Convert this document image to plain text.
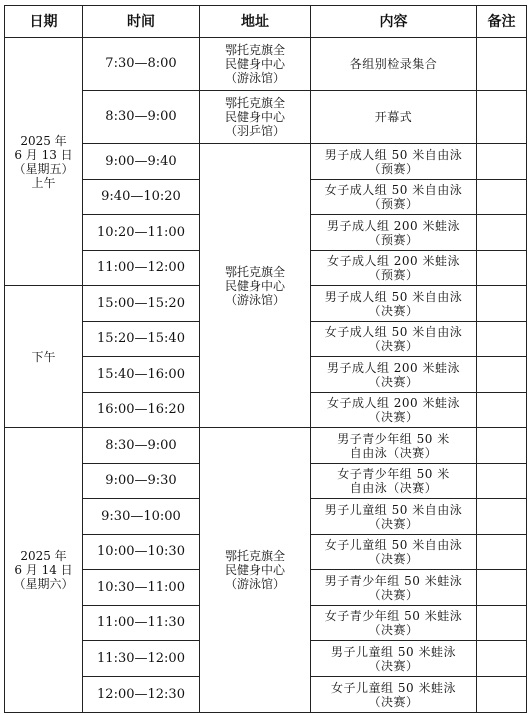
日期	时间	地址	内容	备注
2025 年
6 月 13 日
（星期五）
上午	7:30—8:00	鄂托克旗全
民健身中心
（游泳馆）	各组别检录集合	
	8:30—9:00	鄂托克旗全
民健身中心
（羽乒馆）	开幕式	
	9:00—9:40	鄂托克旗全
民健身中心
（游泳馆）	男子成人组 50 米自由泳
（预赛）	
	9:40—10:20		女子成人组 50 米自由泳
（预赛）	
	10:20—11:00		男子成人组 200 米蛙泳
（预赛）	
	11:00—12:00		女子成人组 200 米蛙泳
（预赛）	
下午	15:00—15:20		男子成人组 50 米自由泳
（决赛）	
	15:20—15:40		女子成人组 50 米自由泳
（决赛）	
	15:40—16:00		男子成人组 200 米蛙泳
（决赛）	
	16:00—16:20		女子成人组 200 米蛙泳
（决赛）	
2025 年
6 月 14 日
（星期六）	8:30—9:00	鄂托克旗全
民健身中心
（游泳馆）	男子青少年组 50 米
自由泳（决赛）	
	9:00—9:30		女子青少年组 50 米
自由泳（决赛）	
	9:30—10:00		男子儿童组 50 米自由泳
（决赛）	
	10:00—10:30		女子儿童组 50 米自由泳
（决赛）	
	10:30—11:00		男子青少年组 50 米蛙泳
（决赛）	
	11:00—11:30		女子青少年组 50 米蛙泳
（决赛）	
	11:30—12:00		男子儿童组 50 米蛙泳
（决赛）	
	12:00—12:30		女子儿童组 50 米蛙泳
（决赛）	
